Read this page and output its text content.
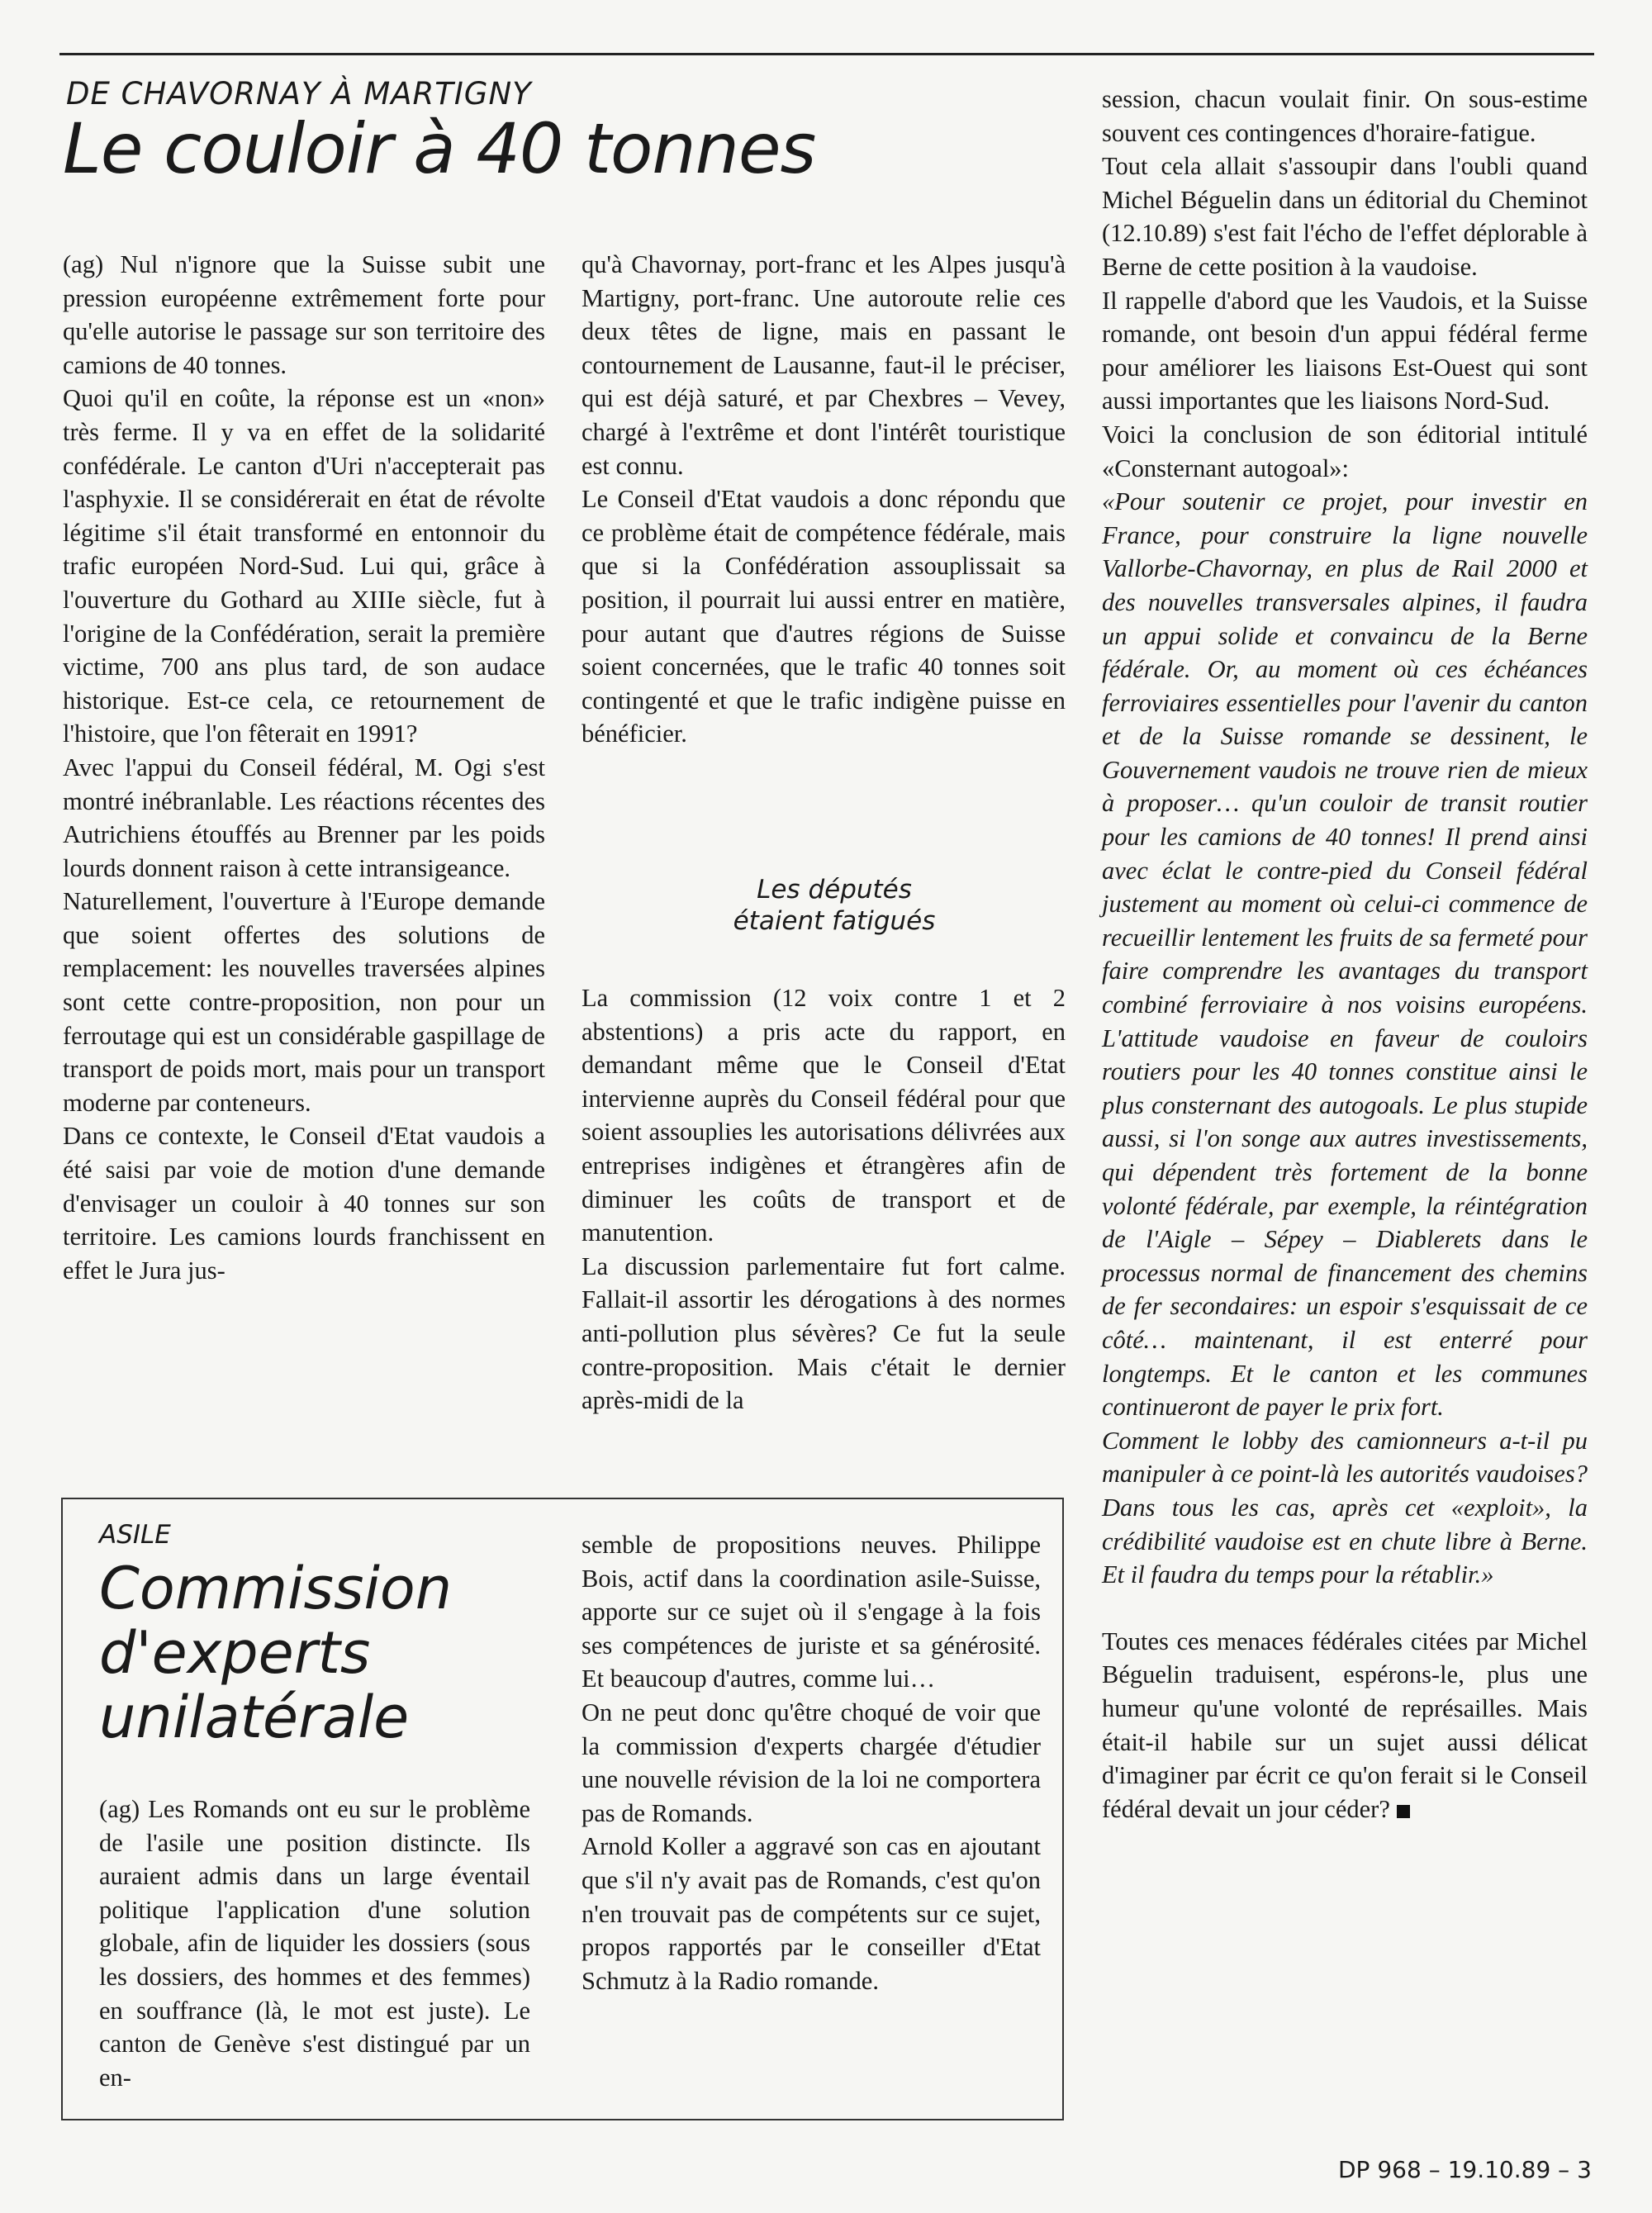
DE CHAVORNAY À MARTIGNY
Le couloir à 40 tonnes

(ag) Nul n'ignore que la Suisse subit une pression européenne extrêmement forte pour qu'elle autorise le passage sur son territoire des camions de 40 tonnes.

Quoi qu'il en coûte, la réponse est un «non» très ferme. Il y va en effet de la solidarité confédérale. Le canton d'Uri n'accepterait pas l'asphyxie. Il se considérerait en état de révolte légitime s'il était transformé en entonnoir du trafic européen Nord-Sud. Lui qui, grâce à l'ouverture du Gothard au XIIIe siècle, fut à l'origine de la Confédération, serait la première victime, 700 ans plus tard, de son audace historique. Est-ce cela, ce retournement de l'histoire, que l'on fêterait en 1991?

Avec l'appui du Conseil fédéral, M. Ogi s'est montré inébranlable. Les réactions récentes des Autrichiens étouffés au Brenner par les poids lourds donnent raison à cette intransigeance.

Naturellement, l'ouverture à l'Europe demande que soient offertes des solutions de remplacement: les nouvelles traversées alpines sont cette contre-proposition, non pour un ferroutage qui est un considérable gaspillage de transport de poids mort, mais pour un transport moderne par conteneurs.

Dans ce contexte, le Conseil d'Etat vaudois a été saisi par voie de motion d'une demande d'envisager un couloir à 40 tonnes sur son territoire. Les camions lourds franchissent en effet le Jura jus-

qu'à Chavornay, port-franc et les Alpes jusqu'à Martigny, port-franc. Une autoroute relie ces deux têtes de ligne, mais en passant le contournement de Lausanne, faut-il le préciser, qui est déjà saturé, et par Chexbres – Vevey, chargé à l'extrême et dont l'intérêt touristique est connu.

Le Conseil d'Etat vaudois a donc répondu que ce problème était de compétence fédérale, mais que si la Confédération assouplissait sa position, il pourrait lui aussi entrer en matière, pour autant que d'autres régions de Suisse soient concernées, que le trafic 40 tonnes soit contingenté et que le trafic indigène puisse en bénéficier.

Les députés
étaient fatigués

La commission (12 voix contre 1 et 2 abstentions) a pris acte du rapport, en demandant même que le Conseil d'Etat intervienne auprès du Conseil fédéral pour que soient assouplies les autorisations délivrées aux entreprises indigènes et étrangères afin de diminuer les coûts de transport et de manutention.

La discussion parlementaire fut fort calme. Fallait-il assortir les dérogations à des normes anti-pollution plus sévères? Ce fut la seule contre-proposition. Mais c'était le dernier après-midi de la

session, chacun voulait finir. On sous-estime souvent ces contingences d'horaire-fatigue.

Tout cela allait s'assoupir dans l'oubli quand Michel Béguelin dans un éditorial du Cheminot (12.10.89) s'est fait l'écho de l'effet déplorable à Berne de cette position à la vaudoise.

Il rappelle d'abord que les Vaudois, et la Suisse romande, ont besoin d'un appui fédéral ferme pour améliorer les liaisons Est-Ouest qui sont aussi importantes que les liaisons Nord-Sud.

Voici la conclusion de son éditorial intitulé «Consternant autogoal»:

«Pour soutenir ce projet, pour investir en France, pour construire la ligne nouvelle Vallorbe-Chavornay, en plus de Rail 2000 et des nouvelles transversales alpines, il faudra un appui solide et convaincu de la Berne fédérale. Or, au moment où ces échéances ferroviaires essentielles pour l'avenir du canton et de la Suisse romande se dessinent, le Gouvernement vaudois ne trouve rien de mieux à proposer… qu'un couloir de transit routier pour les camions de 40 tonnes! Il prend ainsi avec éclat le contre-pied du Conseil fédéral justement au moment où celui-ci commence de recueillir lentement les fruits de sa fermeté pour faire comprendre les avantages du transport combiné ferroviaire à nos voisins européens. L'attitude vaudoise en faveur de couloirs routiers pour les 40 tonnes constitue ainsi le plus consternant des autogoals. Le plus stupide aussi, si l'on songe aux autres investissements, qui dépendent très fortement de la bonne volonté fédérale, par exemple, la réintégration de l'Aigle – Sépey – Diablerets dans le processus normal de financement des chemins de fer secondaires: un espoir s'esquissait de ce côté… maintenant, il est enterré pour longtemps. Et le canton et les communes continueront de payer le prix fort.

Comment le lobby des camionneurs a-t-il pu manipuler à ce point-là les autorités vaudoises? Dans tous les cas, après cet «exploit», la crédibilité vaudoise est en chute libre à Berne. Et il faudra du temps pour la rétablir.»

Toutes ces menaces fédérales citées par Michel Béguelin traduisent, espérons-le, plus une humeur qu'une volonté de représailles. Mais était-il habile sur un sujet aussi délicat d'imaginer par écrit ce qu'on ferait si le Conseil fédéral devait un jour céder?

ASILE
Commission
d'experts
unilatérale

(ag) Les Romands ont eu sur le problème de l'asile une position distincte. Ils auraient admis dans un large éventail politique l'application d'une solution globale, afin de liquider les dossiers (sous les dossiers, des hommes et des femmes) en souffrance (là, le mot est juste). Le canton de Genève s'est distingué par un en-

semble de propositions neuves. Philippe Bois, actif dans la coordination asile-Suisse, apporte sur ce sujet où il s'engage à la fois ses compétences de juriste et sa générosité. Et beaucoup d'autres, comme lui…

On ne peut donc qu'être choqué de voir que la commission d'experts chargée d'étudier une nouvelle révision de la loi ne comportera pas de Romands.

Arnold Koller a aggravé son cas en ajoutant que s'il n'y avait pas de Romands, c'est qu'on n'en trouvait pas de compétents sur ce sujet, propos rapportés par le conseiller d'Etat Schmutz à la Radio romande.

DP 968 – 19.10.89 – 3
